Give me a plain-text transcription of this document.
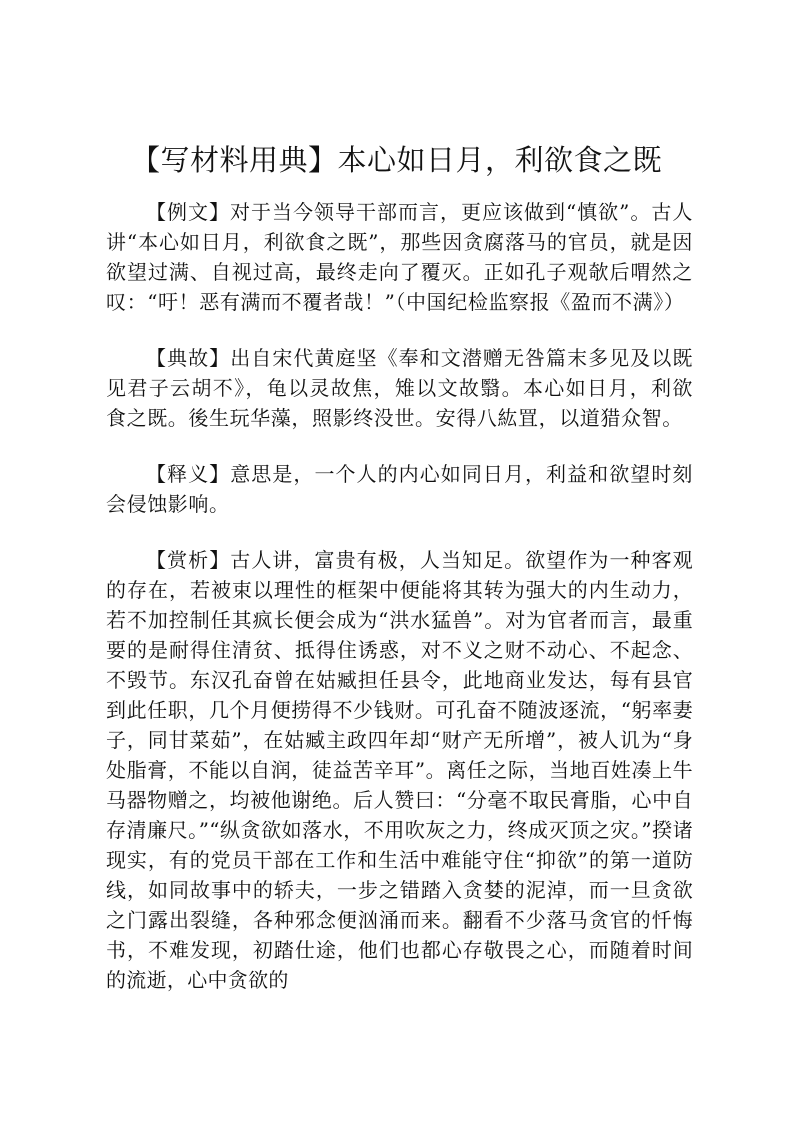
【写材料用典】本心如日月，利欲食之既

【例文】对于当今领导干部而言，更应该做到“慎欲”。古人讲“本心如日月，利欲食之既”，那些因贪腐落马的官员，就是因欲望过满、自视过高，最终走向了覆灭。正如孔子观欹后喟然之叹：“吁！恶有满而不覆者哉！”（中国纪检监察报《盈而不满》）

【典故】出自宋代黄庭坚《奉和文潜赠无咎篇末多见及以既见君子云胡不》，龟以灵故焦，雉以文故翳。本心如日月，利欲食之既。後生玩华藻，照影终没世。安得八紘罝，以道猎众智。

【释义】意思是，一个人的内心如同日月，利益和欲望时刻会侵蚀影响。

【赏析】古人讲，富贵有极，人当知足。欲望作为一种客观的存在，若被束以理性的框架中便能将其转为强大的内生动力，若不加控制任其疯长便会成为“洪水猛兽”。对为官者而言，最重要的是耐得住清贫、抵得住诱惑，对不义之财不动心、不起念、不毁节。东汉孔奋曾在姑臧担任县令，此地商业发达，每有县官到此任职，几个月便捞得不少钱财。可孔奋不随波逐流，“躬率妻子，同甘菜茹”，在姑臧主政四年却“财产无所增”，被人讥为“身处脂膏，不能以自润，徒益苦辛耳”。离任之际，当地百姓凑上牛马器物赠之，均被他谢绝。后人赞曰：“分毫不取民膏脂，心中自存清廉尺。”“纵贪欲如落水，不用吹灰之力，终成灭顶之灾。”揆诸现实，有的党员干部在工作和生活中难能守住“抑欲”的第一道防线，如同故事中的轿夫，一步之错踏入贪婪的泥淖，而一旦贪欲之门露出裂缝，各种邪念便汹涌而来。翻看不少落马贪官的忏悔书，不难发现，初踏仕途，他们也都心存敬畏之心，而随着时间的流逝，心中贪欲的
